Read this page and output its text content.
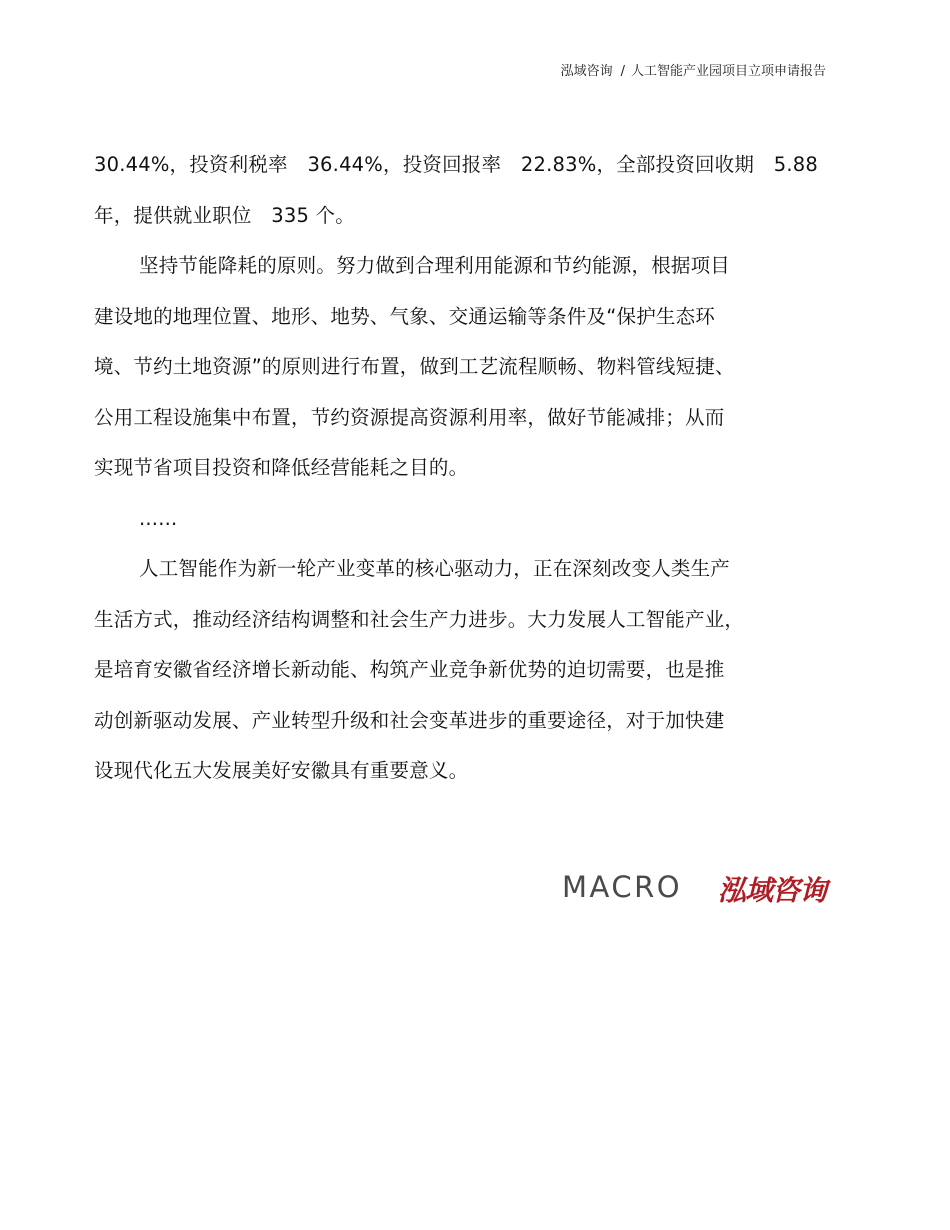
泓域咨询 / 人工智能产业园项目立项申请报告
30.44%，投资利税率　36.44%，投资回报率　22.83%，全部投资回收期　5.88
年，提供就业职位　335 个。
坚持节能降耗的原则。努力做到合理利用能源和节约能源，根据项目
建设地的地理位置、地形、地势、气象、交通运输等条件及“保护生态环
境、节约土地资源”的原则进行布置，做到工艺流程顺畅、物料管线短捷、
公用工程设施集中布置，节约资源提高资源利用率，做好节能减排；从而
实现节省项目投资和降低经营能耗之目的。
......
人工智能作为新一轮产业变革的核心驱动力，正在深刻改变人类生产
生活方式，推动经济结构调整和社会生产力进步。大力发展人工智能产业，
是培育安徽省经济增长新动能、构筑产业竞争新优势的迫切需要，也是推
动创新驱动发展、产业转型升级和社会变革进步的重要途径，对于加快建
设现代化五大发展美好安徽具有重要意义。
MACRO 泓域咨询
